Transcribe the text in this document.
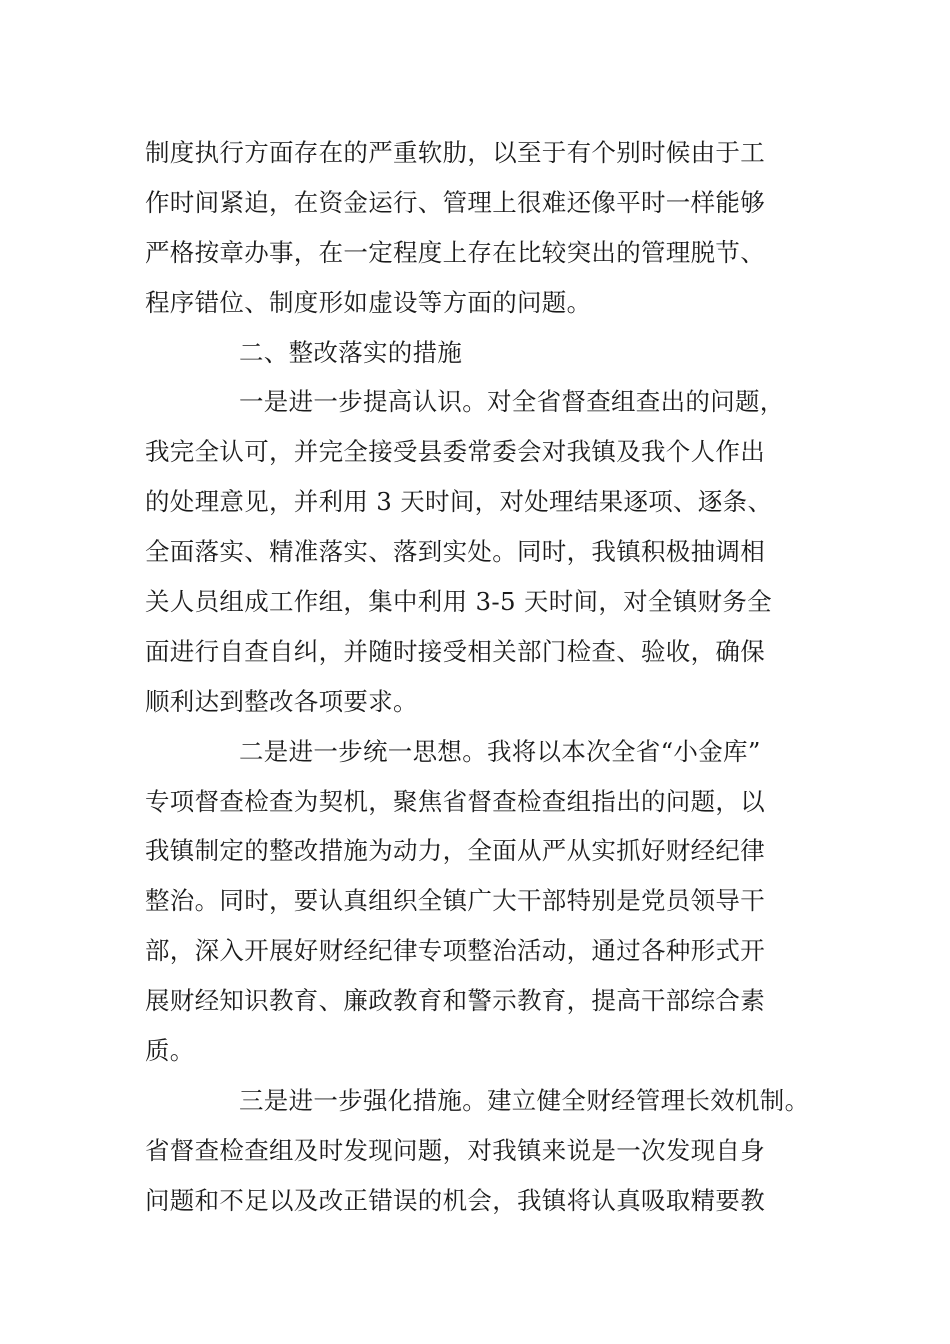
制度执行方面存在的严重软肋，以至于有个别时候由于工
作时间紧迫，在资金运行、管理上很难还像平时一样能够
严格按章办事，在一定程度上存在比较突出的管理脱节、
程序错位、制度形如虚设等方面的问题。
二、整改落实的措施
一是进一步提高认识。对全省督查组查出的问题，
我完全认可，并完全接受县委常委会对我镇及我个人作出
的处理意见，并利用 3 天时间，对处理结果逐项、逐条、
全面落实、精准落实、落到实处。同时，我镇积极抽调相
关人员组成工作组，集中利用 3-5 天时间，对全镇财务全
面进行自查自纠，并随时接受相关部门检查、验收，确保
顺利达到整改各项要求。
二是进一步统一思想。我将以本次全省“小金库”
专项督查检查为契机，聚焦省督查检查组指出的问题，以
我镇制定的整改措施为动力，全面从严从实抓好财经纪律
整治。同时，要认真组织全镇广大干部特别是党员领导干
部，深入开展好财经纪律专项整治活动，通过各种形式开
展财经知识教育、廉政教育和警示教育，提高干部综合素
质。
三是进一步强化措施。建立健全财经管理长效机制。
省督查检查组及时发现问题，对我镇来说是一次发现自身
问题和不足以及改正错误的机会，我镇将认真吸取精要教
